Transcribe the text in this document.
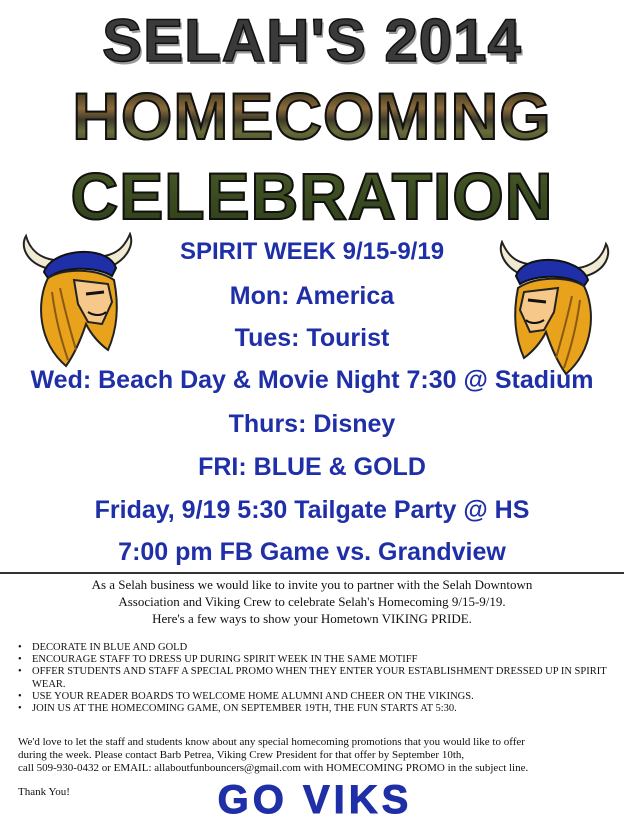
SELAH'S 2014
HOMECOMING
CELEBRATION
SPIRIT WEEK 9/15-9/19
Mon: America
Tues: Tourist
Wed: Beach Day & Movie Night 7:30 @ Stadium
Thurs: Disney
FRI: BLUE & GOLD
Friday, 9/19 5:30 Tailgate Party @ HS
7:00 pm FB Game vs. Grandview
As a Selah business we would like to invite you to partner with the Selah Downtown
Association and Viking Crew to celebrate Selah's Homecoming 9/15-9/19.
Here's a few ways to show your Hometown VIKING PRIDE.
• DECORATE IN BLUE AND GOLD
• ENCOURAGE STAFF TO DRESS UP DURING SPIRIT WEEK IN THE SAME MOTIFF
• OFFER STUDENTS AND STAFF A SPECIAL PROMO WHEN THEY ENTER YOUR ESTABLISHMENT DRESSED UP IN SPIRIT WEAR.
• USE YOUR READER BOARDS TO WELCOME HOME ALUMNI AND CHEER ON THE VIKINGS.
• JOIN US AT THE HOMECOMING GAME, ON SEPTEMBER 19TH, THE FUN STARTS AT 5:30.
We'd love to let the staff and students know about any special homecoming promotions that you would like to offer
during the week. Please contact Barb Petrea, Viking Crew President for that offer by September 10th,
call 509-930-0432 or EMAIL: allaboutfunbouncers@gmail.com with HOMECOMING PROMO in the subject line.
Thank You!	GO VIKS
